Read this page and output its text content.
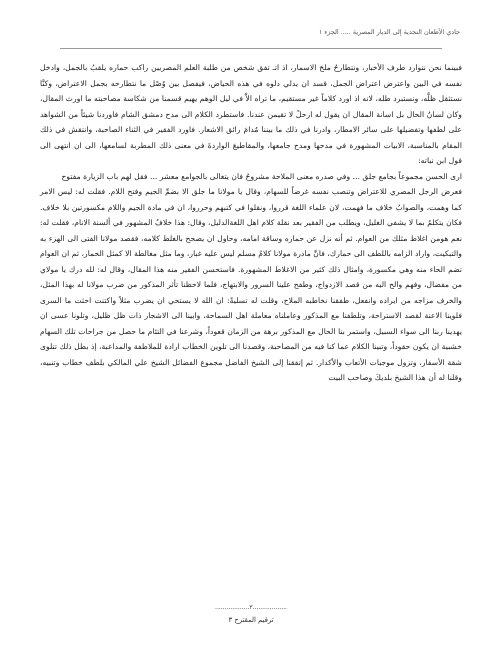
حادي الأظعان النجدية إلى الديار المصرية ..... الجزء ١

فبينما نحن نتوارد طرف الأخبار، ونتطارحُ ملحَ الاسمار، اذ اتـ تفق شخص من طلبة العلم المصريين راكب حماره يلقبُ بالجمل، وادخل نفسه في البين واعترض اعتراض الجمل، قسد ان يدلي دلوه في هذه الحياض، فيفصل بين وُصْل ما نتطارحه بجمل الاعتراض، وكنَّا نستثقل ظلَّه، ونستبرد طله، لانه اذ اورد كلاماً غير مستقيم، ما تراه الاَّ في ليل الوهم يهيم قسمنا من شكاسة مصاحبته ما اورث المقال، وكان لسانُ الحال بل اسانة المقال ان يقول له ارحلْ لا تقيمن عندنا. فاستطرد الكلام الى مدح دمشق الشام فاوردنا شيئاً من الشواهد على لطفها وتفضيلها على سائر الامطار، وادرنا في ذلك ما بيننا مُدامَ رائق الاشعار. فاورد الفقير في الثناء الصاحبة، وانتقش في ذلك المقام بالمناسبة، الابيات المشهورة في مدحها ومدح جامعها، والمقاطيعَ الواردةَ في معنى ذلك المطربة لسامعها، الى ان انتهى الى قول ابن نباته:

ارى الحسن مجموعاً بجامع جلق ... وفي صدره معنى الملاحة مشروحُ فان يتغالى بالجوامع معشر ... فقل لهم باب الزيارة مفتوح

فعرض الرجل المصري للاعتراض وتنصب نفسه غرضاً للسهام، وقال يا مولانا ما جلق الا بضمِّ الجيم وفتح اللام. فقلت له: ليس الامر كما وهمت، والصوابُ خلاف ما فهمت، لان علماء اللغة قرروا، ونقلوا في كتبهم وحرروا، ان في مادة الجيم واللام مكسورتين بلا خلاف. فكان يتكلمُ بما لا يشفي الغليل، ويطلب من الفقير بعد نقلة كلام اهل اللغةالدليل، وقال: هذا خلافُ المشهور في ألسنة الانام، فقلت له: نعم هومن اغلاط مثلك من العوام. ثم أنه نزل عن حماره وساقة امامه، وحاول ان يصحح بالغلط كلامه، فقصد مولانا الفتى الى الهزء به والتبكيت، واراد الزامه باللطف الى حمارك، فانَّ مادرة مولانا كلامٌ مسلم ليس عليه غبار، وما مثل مغالطة الا كمثل الحمار، ثم ان العوام تضم الحاء منه وهي مكسورة، وامثال ذلك كثير من الاغلاط المشهورة. فاستحسن الفقير منه هذا المقال، وقال له: لله درك يا مولاي من مفضال، وفهم والح اليه من قصد الازدواج، وطفح علينا السرور والابتهاج، فلما لاحظنا تأثر المذكور من ضرب مولانا له بهذا المثل، والخرف مزاجه من ايراده وانفعل، طفقنا نخاطبه الملاح، وقلت له تسليةً: ان الله لا يستحي ان يضرب مثلاً واكتنت احثت ما السرى فلوينا الاعنة لقصد الاستراحة، وتلطفنا مع المذكور وعاملناه معاملة اهل السماحة، وابينا الى الاشجار ذات ظل ظليل، وتلونا عسى ان يهدينا ربنا الى سواء السبيل، واستمر بنا الحال مع المذكور برهة من الزمان قعوداً، وشرعنا في التئام ما حصل من جراحات تلك السهام خشبية ان يكون حقوداً، وتبينا الكلام عما كنا فيه من المصاحبة، وقصدنا الى تلوين الخطاب ارادة للملاطفة والمداعبة، إذ بطل ذلك تتلوى شقة الأسفار، وتزول موجبات الأتعاب والأكدار. ثم إتفقنا إلى الشيخ الفاضل مجموع الفضائل الشيخ علي المالكي بلطف خطاب وتنبيه، وقلنا له أن هذا الشيخ بلديكَ وصاحب البيت

..................٣..................
ترقيم المقترح ٣
